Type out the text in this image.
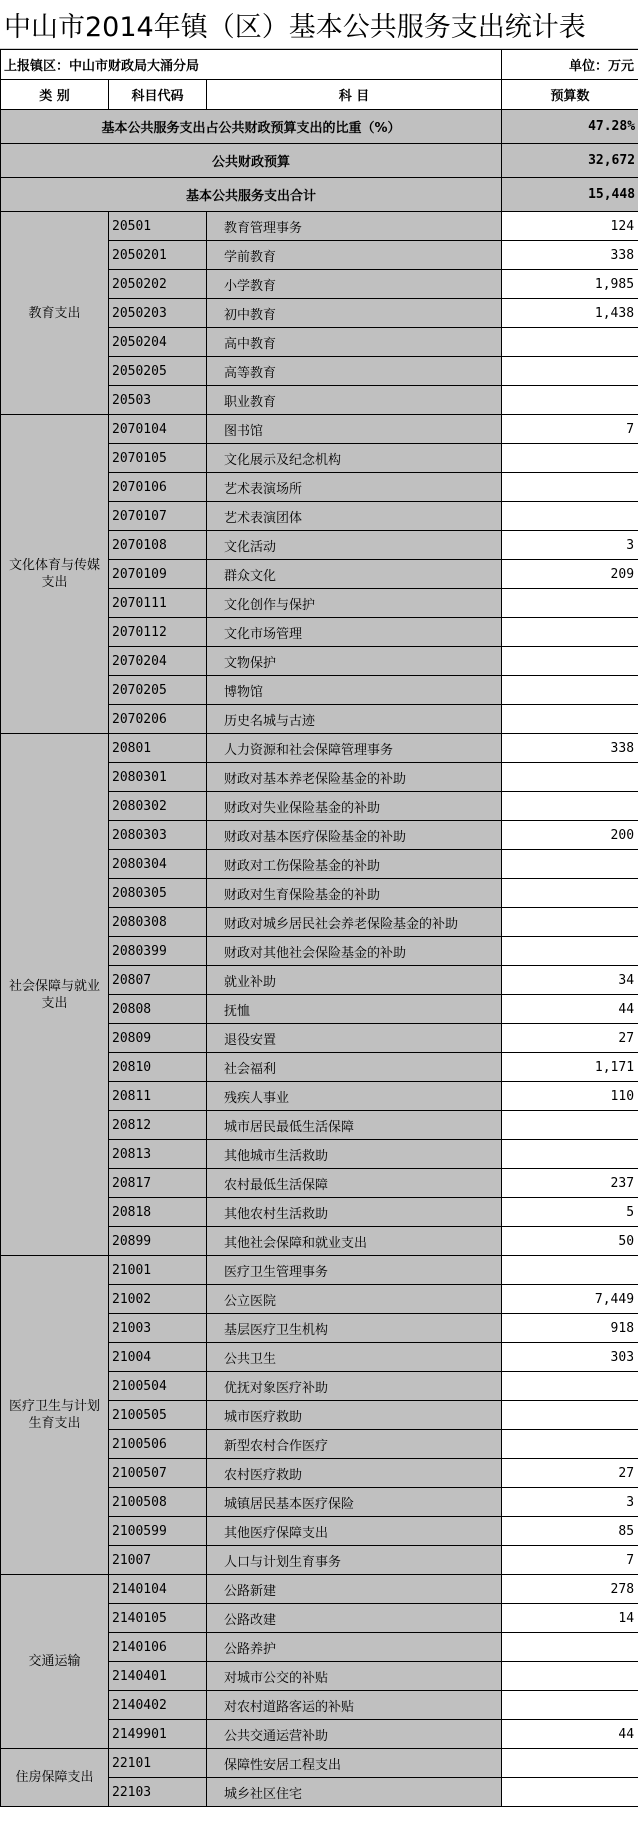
中山市2014年镇（区）基本公共服务支出统计表
上报镇区：中山市财政局大涌分局			单位：万元
类 别	科目代码	科 目	预算数
基本公共服务支出占公共财政预算支出的比重（%）			47.28%
公共财政预算			32,672
基本公共服务支出合计			15,448
教育支出	20501	教育管理事务	124
	2050201	学前教育	338
	2050202	小学教育	1,985
	2050203	初中教育	1,438
	2050204	高中教育	
	2050205	高等教育	
	20503	职业教育	
文化体育与传媒支出	2070104	图书馆	7
	2070105	文化展示及纪念机构	
	2070106	艺术表演场所	
	2070107	艺术表演团体	
	2070108	文化活动	3
	2070109	群众文化	209
	2070111	文化创作与保护	
	2070112	文化市场管理	
	2070204	文物保护	
	2070205	博物馆	
	2070206	历史名城与古迹	
社会保障与就业支出	20801	人力资源和社会保障管理事务	338
	2080301	财政对基本养老保险基金的补助	
	2080302	财政对失业保险基金的补助	
	2080303	财政对基本医疗保险基金的补助	200
	2080304	财政对工伤保险基金的补助	
	2080305	财政对生育保险基金的补助	
	2080308	财政对城乡居民社会养老保险基金的补助	
	2080399	财政对其他社会保险基金的补助	
	20807	就业补助	34
	20808	抚恤	44
	20809	退役安置	27
	20810	社会福利	1,171
	20811	残疾人事业	110
	20812	城市居民最低生活保障	
	20813	其他城市生活救助	
	20817	农村最低生活保障	237
	20818	其他农村生活救助	5
	20899	其他社会保障和就业支出	50
医疗卫生与计划生育支出	21001	医疗卫生管理事务	
	21002	公立医院	7,449
	21003	基层医疗卫生机构	918
	21004	公共卫生	303
	2100504	优抚对象医疗补助	
	2100505	城市医疗救助	
	2100506	新型农村合作医疗	
	2100507	农村医疗救助	27
	2100508	城镇居民基本医疗保险	3
	2100599	其他医疗保障支出	85
	21007	人口与计划生育事务	7
交通运输	2140104	公路新建	278
	2140105	公路改建	14
	2140106	公路养护	
	2140401	对城市公交的补贴	
	2140402	对农村道路客运的补贴	
	2149901	公共交通运营补助	44
住房保障支出	22101	保障性安居工程支出	
	22103	城乡社区住宅	
